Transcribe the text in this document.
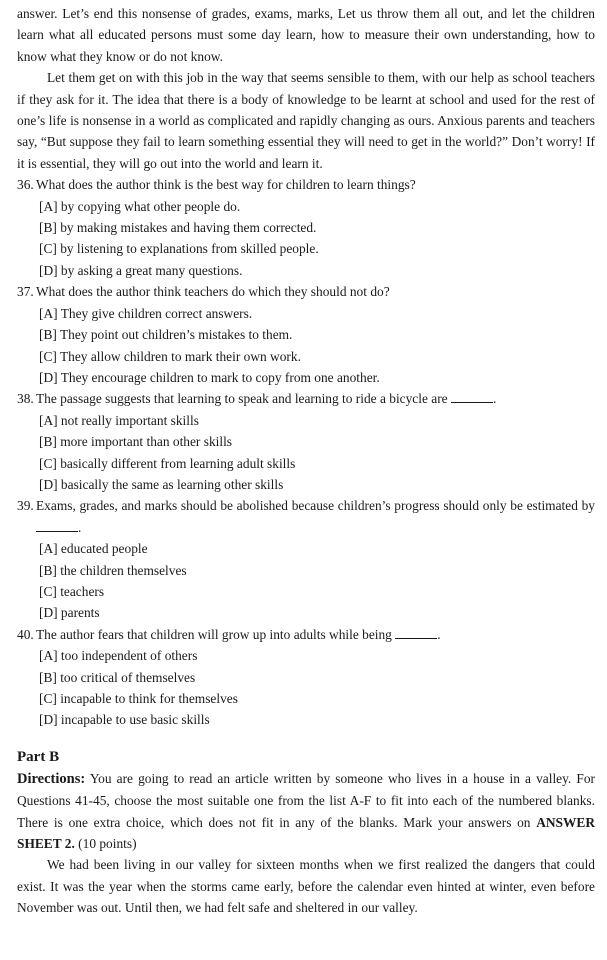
answer. Let’s end this nonsense of grades, exams, marks, Let us throw them all out, and let the children learn what all educated persons must some day learn, how to measure their own understanding, how to know what they know or do not know.

Let them get on with this job in the way that seems sensible to them, with our help as school teachers if they ask for it. The idea that there is a body of knowledge to be learnt at school and used for the rest of one’s life is nonsense in a world as complicated and rapidly changing as ours. Anxious parents and teachers say, “But suppose they fail to learn something essential they will need to get in the world?” Don’t worry! If it is essential, they will go out into the world and learn it.

36. What does the author think is the best way for children to learn things?
[A] by copying what other people do.
[B] by making mistakes and having them corrected.
[C] by listening to explanations from skilled people.
[D] by asking a great many questions.
37. What does the author think teachers do which they should not do?
[A] They give children correct answers.
[B] They point out children’s mistakes to them.
[C] They allow children to mark their own work.
[D] They encourage children to mark to copy from one another.
38. The passage suggests that learning to speak and learning to ride a bicycle are	.
[A] not really important skills
[B] more important than other skills
[C] basically different from learning adult skills
[D] basically the same as learning other skills
39. Exams, grades, and marks should be abolished because children’s progress should only be estimated by .
[A] educated people
[B] the children themselves
[C] teachers
[D] parents
40. The author fears that children will grow up into adults while being	.
[A] too independent of others
[B] too critical of themselves
[C] incapable to think for themselves
[D] incapable to use basic skills
Part B

Directions: You are going to read an article written by someone who lives in a house in a valley. For Questions 41-45, choose the most suitable one from the list A-F to fit into each of the numbered blanks. There is one extra choice, which does not fit in any of the blanks. Mark your answers on ANSWER SHEET 2. (10 points)

We had been living in our valley for sixteen months when we first realized the dangers that could exist. It was the year when the storms came early, before the calendar even hinted at winter, even before November was out. Until then, we had felt safe and sheltered in our valley.
